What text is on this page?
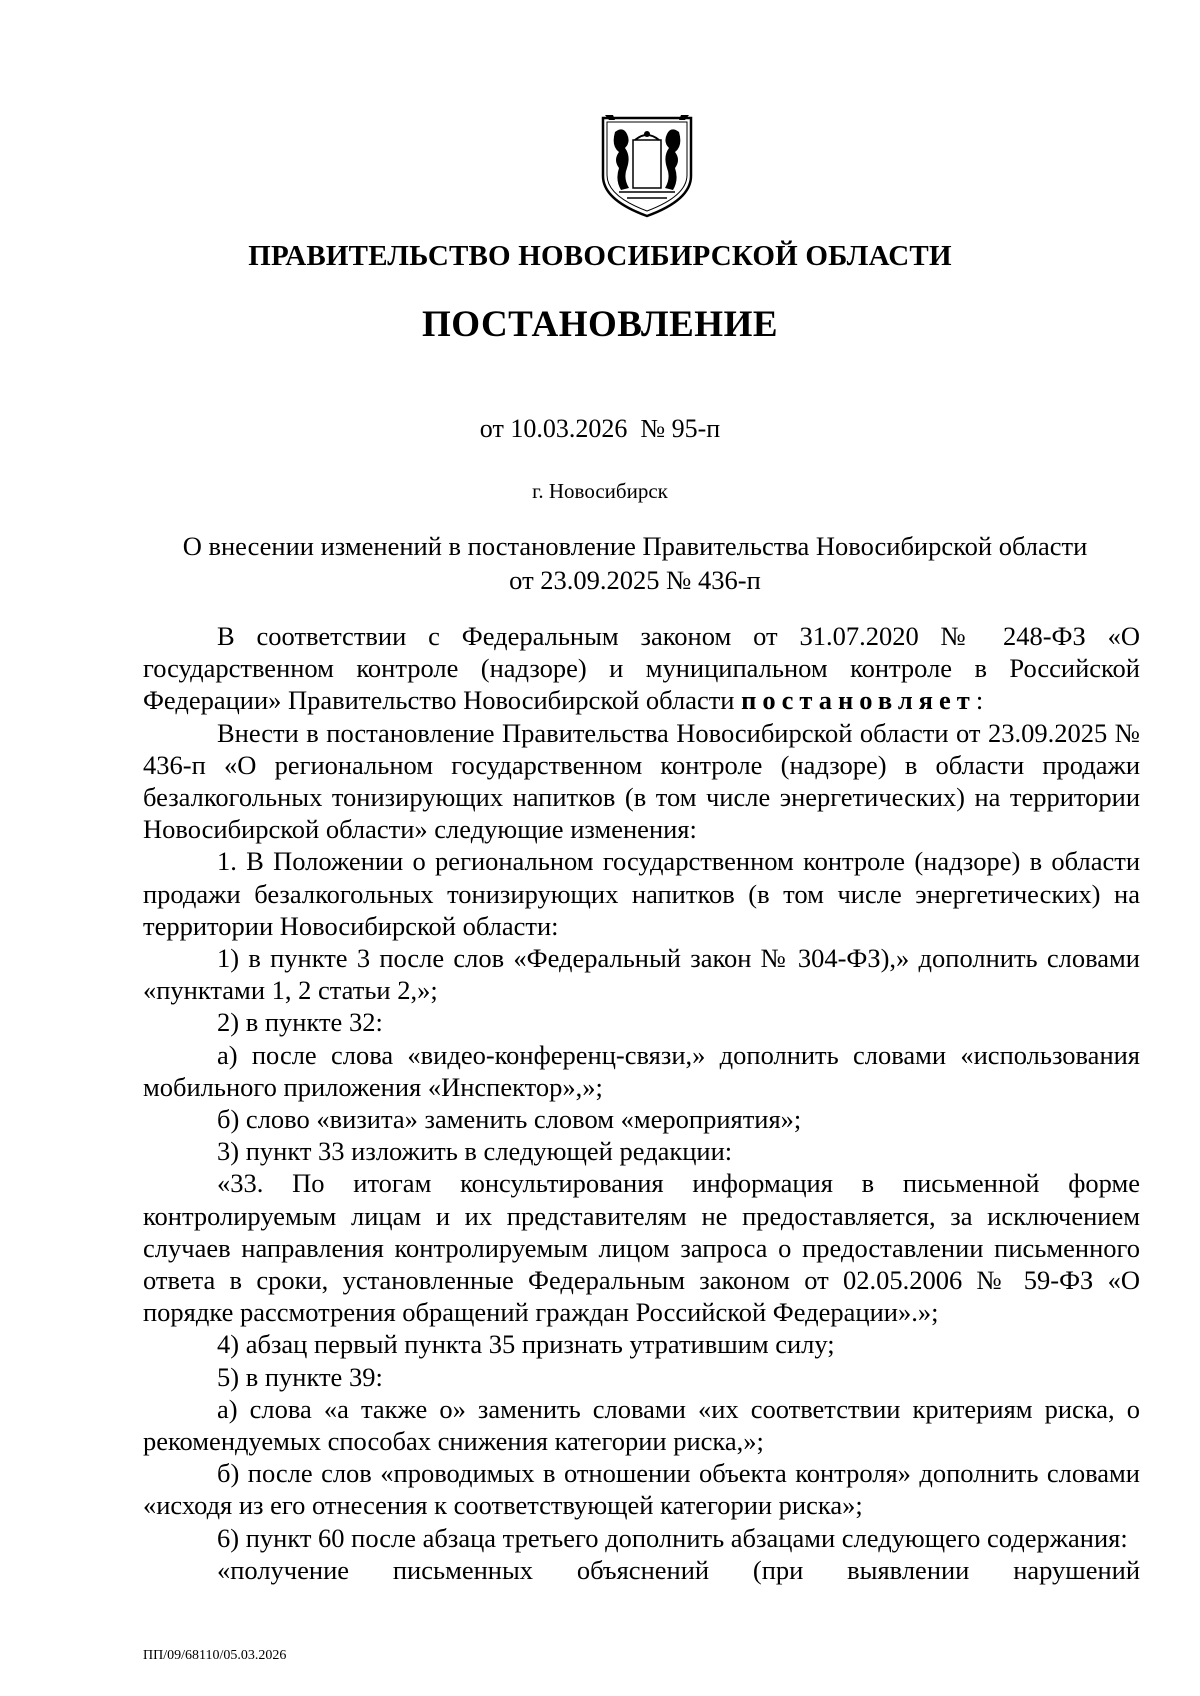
ПРАВИТЕЛЬСТВО НОВОСИБИРСКОЙ ОБЛАСТИ
ПОСТАНОВЛЕНИЕ
от 10.03.2026  № 95-п
г. Новосибирск
О внесении изменений в постановление Правительства Новосибирской области
от 23.09.2025 № 436-п

В соответствии с Федеральным законом от 31.07.2020 № 248-ФЗ «О государственном контроле (надзоре) и муниципальном контроле в Российской Федерации» Правительство Новосибирской области постановляет:

Внести в постановление Правительства Новосибирской области от 23.09.2025 № 436-п «О региональном государственном контроле (надзоре) в области продажи безалкогольных тонизирующих напитков (в том числе энергетических) на территории Новосибирской области» следующие изменения:

1. В Положении о региональном государственном контроле (надзоре) в области продажи безалкогольных тонизирующих напитков (в том числе энергетических) на территории Новосибирской области:

1) в пункте 3 после слов «Федеральный закон № 304-ФЗ),» дополнить словами «пунктами 1, 2 статьи 2,»;

2) в пункте 32:

а) после слова «видео-конференц-связи,» дополнить словами «использования мобильного приложения «Инспектор»,»;

б) слово «визита» заменить словом «мероприятия»;

3) пункт 33 изложить в следующей редакции:

«33. По итогам консультирования информация в письменной форме контролируемым лицам и их представителям не предоставляется, за исключением случаев направления контролируемым лицом запроса о предоставлении письменного ответа в сроки, установленные Федеральным законом от 02.05.2006 № 59-ФЗ «О порядке рассмотрения обращений граждан Российской Федерации».»;

4) абзац первый пункта 35 признать утратившим силу;

5) в пункте 39:

а) слова «а также о» заменить словами «их соответствии критериям риска, о рекомендуемых способах снижения категории риска,»;

б) после слов «проводимых в отношении объекта контроля» дополнить словами «исходя из его отнесения к соответствующей категории риска»;

6) пункт 60 после абзаца третьего дополнить абзацами следующего содержания:

«получение письменных объяснений (при выявлении нарушений

ПП/09/68110/05.03.2026
